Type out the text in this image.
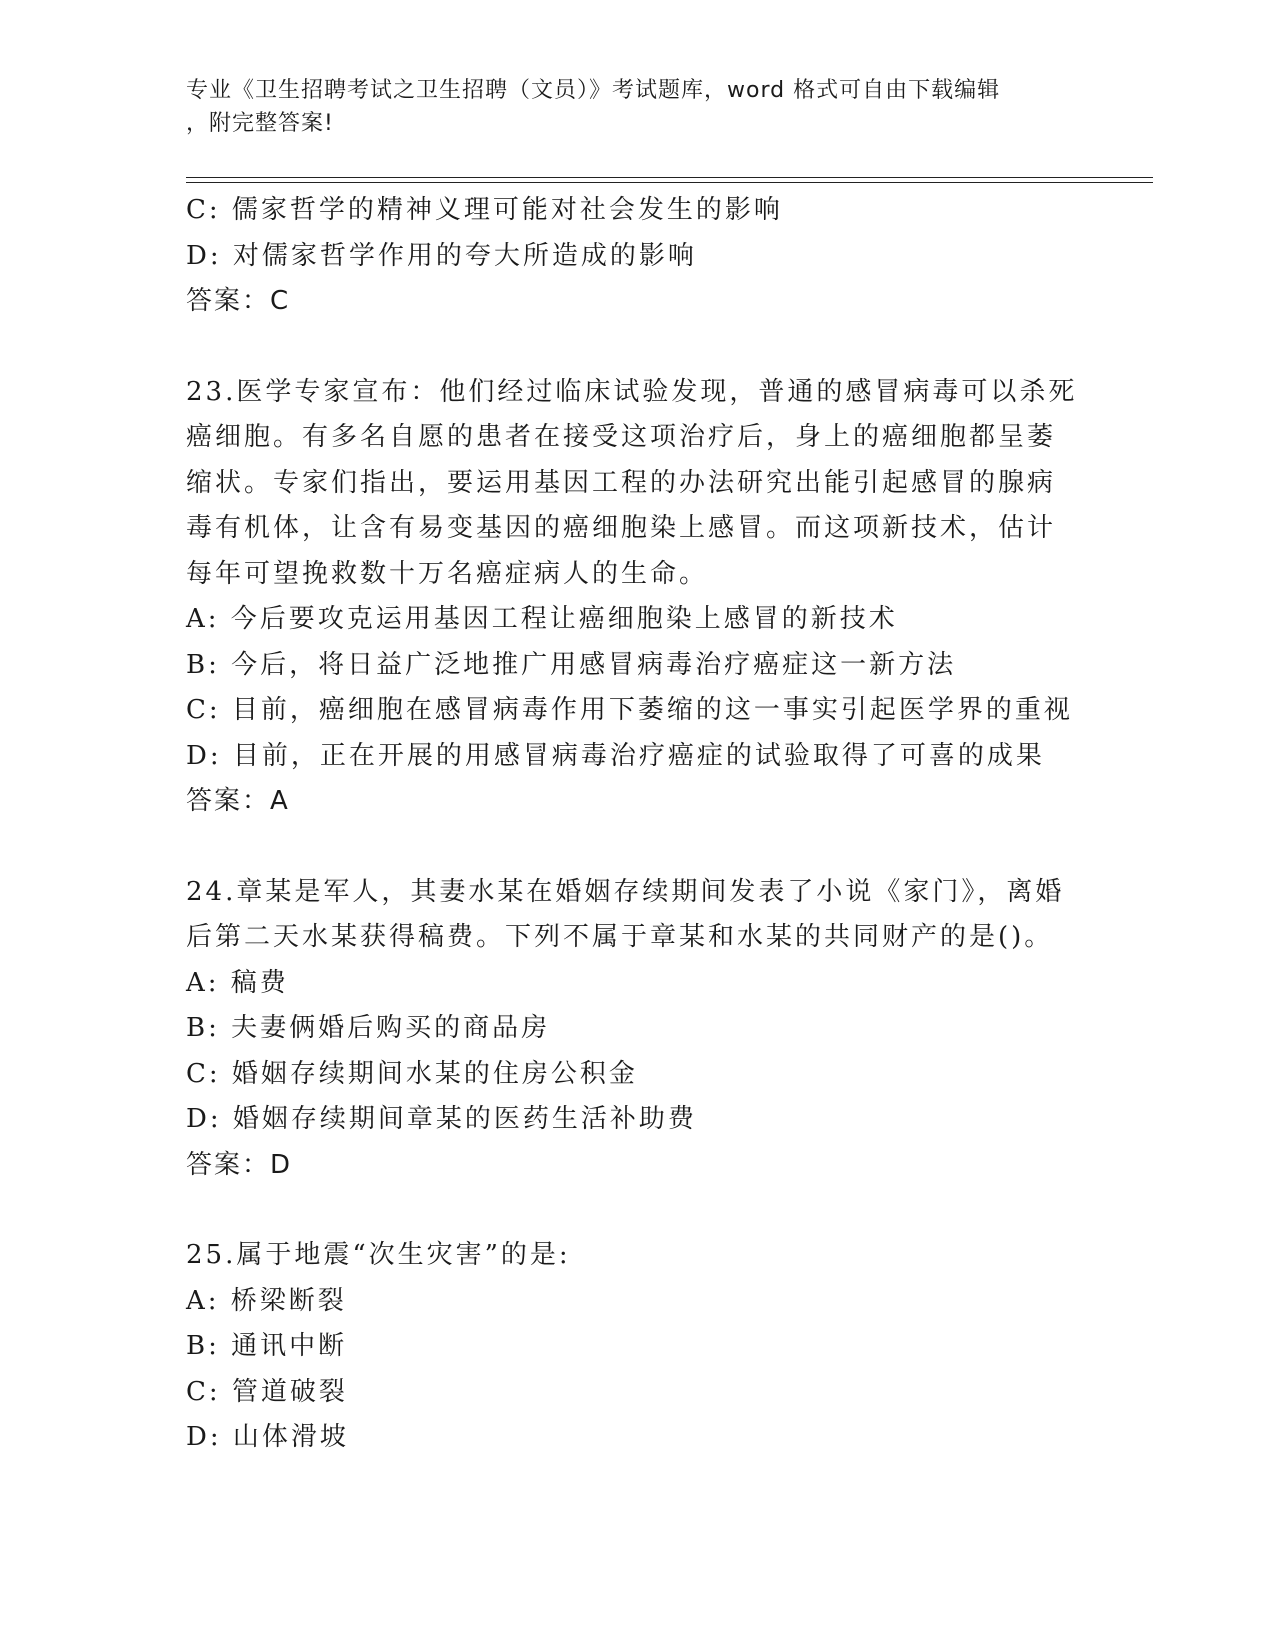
专业《卫生招聘考试之卫生招聘（文员）》考试题库，word 格式可自由下载编辑
，附完整答案!
C: 儒家哲学的精神义理可能对社会发生的影响
D: 对儒家哲学作用的夸大所造成的影响
答案：C
23.医学专家宣布：他们经过临床试验发现，普通的感冒病毒可以杀死
癌细胞。有多名自愿的患者在接受这项治疗后，身上的癌细胞都呈萎
缩状。专家们指出，要运用基因工程的办法研究出能引起感冒的腺病
毒有机体，让含有易变基因的癌细胞染上感冒。而这项新技术，估计
每年可望挽救数十万名癌症病人的生命。
A: 今后要攻克运用基因工程让癌细胞染上感冒的新技术
B: 今后，将日益广泛地推广用感冒病毒治疗癌症这一新方法
C: 目前，癌细胞在感冒病毒作用下萎缩的这一事实引起医学界的重视
D: 目前，正在开展的用感冒病毒治疗癌症的试验取得了可喜的成果
答案：A
24.章某是军人，其妻水某在婚姻存续期间发表了小说《家门》，离婚
后第二天水某获得稿费。下列不属于章某和水某的共同财产的是()。
A: 稿费
B: 夫妻俩婚后购买的商品房
C: 婚姻存续期间水某的住房公积金
D: 婚姻存续期间章某的医药生活补助费
答案：D
25.属于地震“次生灾害”的是:
A: 桥梁断裂
B: 通讯中断
C: 管道破裂
D: 山体滑坡
